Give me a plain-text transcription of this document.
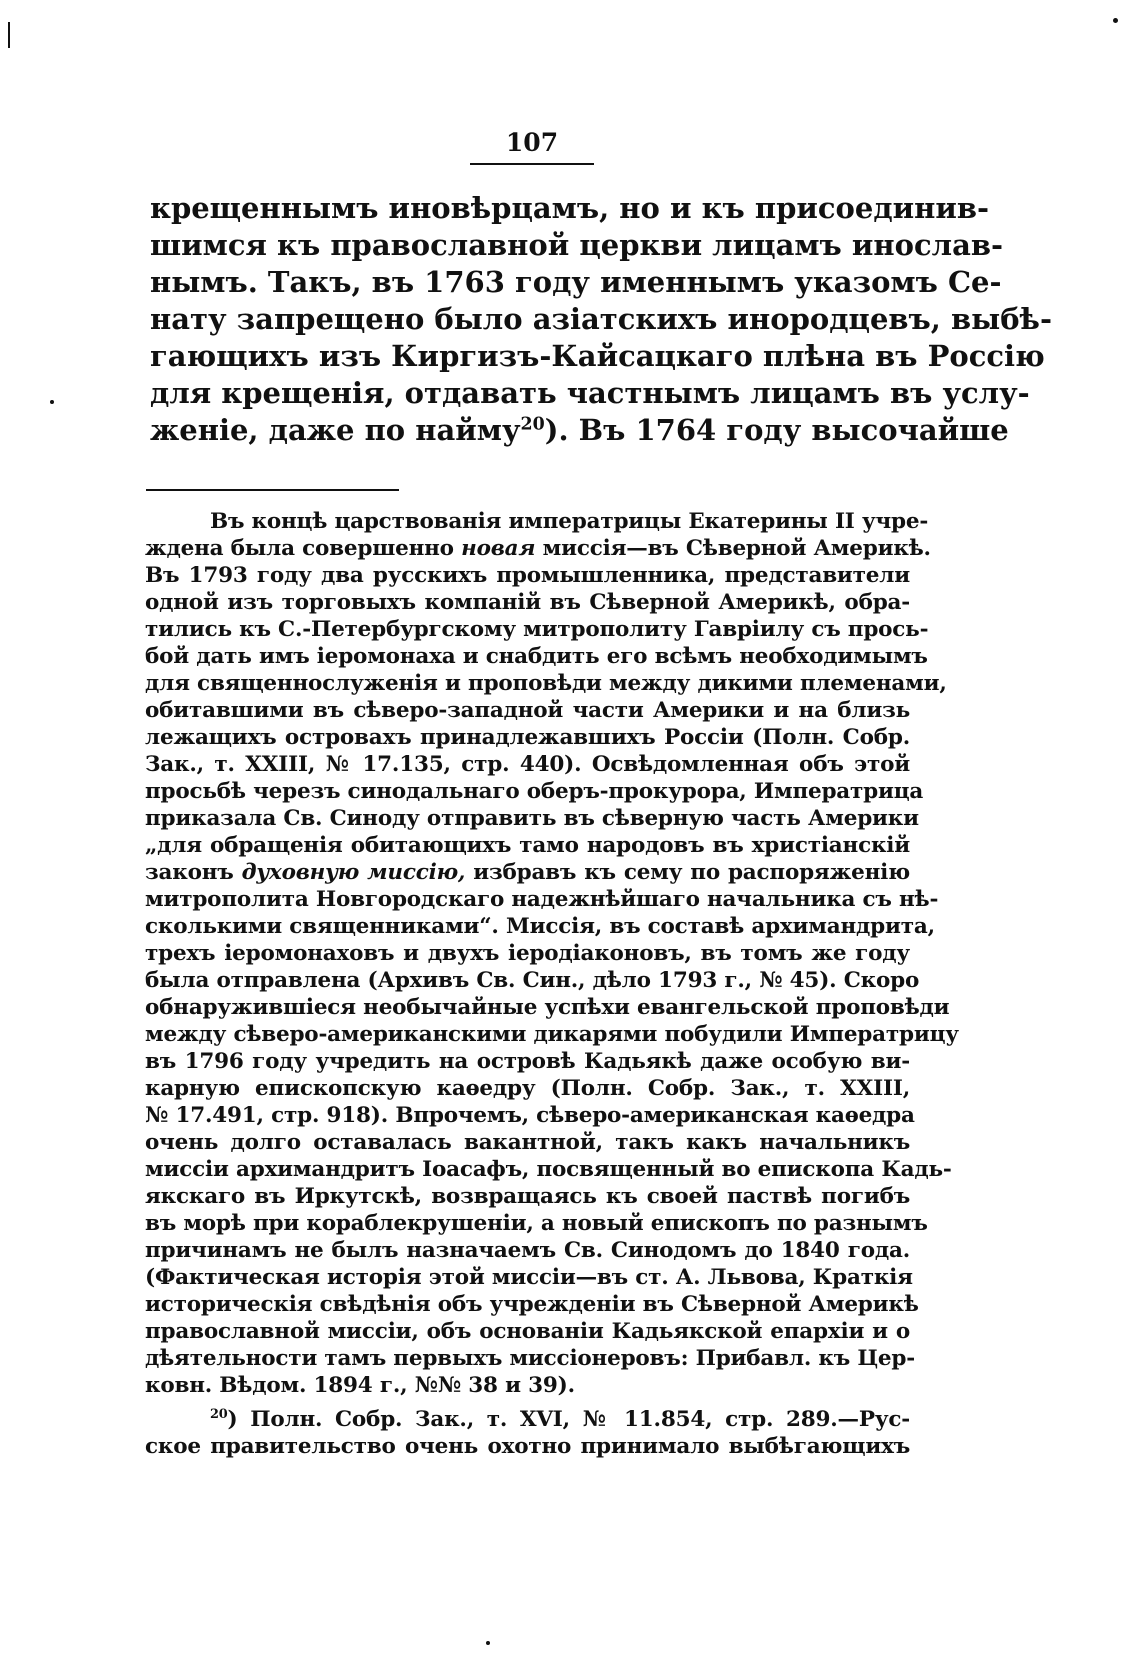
107
крещеннымъ иновѣрцамъ, но и къ присоединив-
шимся къ православной церкви лицамъ инослав-
нымъ. Такъ, въ 1763 году именнымъ указомъ Се-
нату запрещено было азіатскихъ инородцевъ, выбѣ-
гающихъ изъ Киргизъ-Кайсацкаго плѣна въ Россію
для крещенія, отдавать частнымъ лицамъ въ услу-
женіе, даже по найму$^{20}$). Въ 1764 году высочайше
Въ концѣ царствованія императрицы Екатерины II учре-
ждена была совершенно новая миссія—въ Сѣверной Америкѣ.
Въ 1793 году два русскихъ промышленника, представители
одной изъ торговыхъ компаній въ Сѣверной Америкѣ, обра-
тились къ С.-Петербургскому митрополиту Гавріилу съ прось-
бой дать имъ іеромонаха и снабдить его всѣмъ необходимымъ
для священнослуженія и проповѣди между дикими племенами,
обитавшими въ сѣверо-западной части Америки и на близь
лежащихъ островахъ принадлежавшихъ Россіи (Полн. Собр.
Зак., т. XXIII, № 17.135, стр. 440). Освѣдомленная объ этой
просьбѣ черезъ синодальнаго оберъ-прокурора, Императрица
приказала Св. Синоду отправить въ сѣверную часть Америки
„для обращенія обитающихъ тамо народовъ въ христіанскій
законъ духовную миссію, избравъ къ сему по распоряженію
митрополита Новгородскаго надежнѣйшаго начальника съ нѣ-
сколькими священниками“. Миссія, въ составѣ архимандрита,
трехъ іеромонаховъ и двухъ іеродіаконовъ, въ томъ же году
была отправлена (Архивъ Св. Син., дѣло 1793 г., № 45). Скоро
обнаружившіеся необычайные успѣхи евангельской проповѣди
между сѣверо-американскими дикарями побудили Императрицу
въ 1796 году учредить на островѣ Кадьякѣ даже особую ви-
карную епископскую каѳедру (Полн. Собр. Зак., т. XXIII,
№ 17.491, стр. 918). Впрочемъ, сѣверо-американская каѳедра
очень долго оставалась вакантной, такъ какъ начальникъ
миссіи архимандритъ Іоасафъ, посвященный во епископа Кадь-
якскаго въ Иркутскѣ, возвращаясь къ своей паствѣ погибъ
въ морѣ при кораблекрушеніи, а новый епископъ по разнымъ
причинамъ не былъ назначаемъ Св. Синодомъ до 1840 года.
(Фактическая исторія этой миссіи—въ ст. А. Львова, Краткія
историческія свѣдѣнія объ учрежденіи въ Сѣверной Америкѣ
православной миссіи, объ основаніи Кадьякской епархіи и о
дѣятельности тамъ первыхъ миссіонеровъ: Прибавл. къ Цер-
ковн. Вѣдом. 1894 г., №№ 38 и 39).
$^{20}$) Полн. Собр. Зак., т. XVI, № 11.854, стр. 289.—Рус-
ское правительство очень охотно принимало выбѣгающихъ
